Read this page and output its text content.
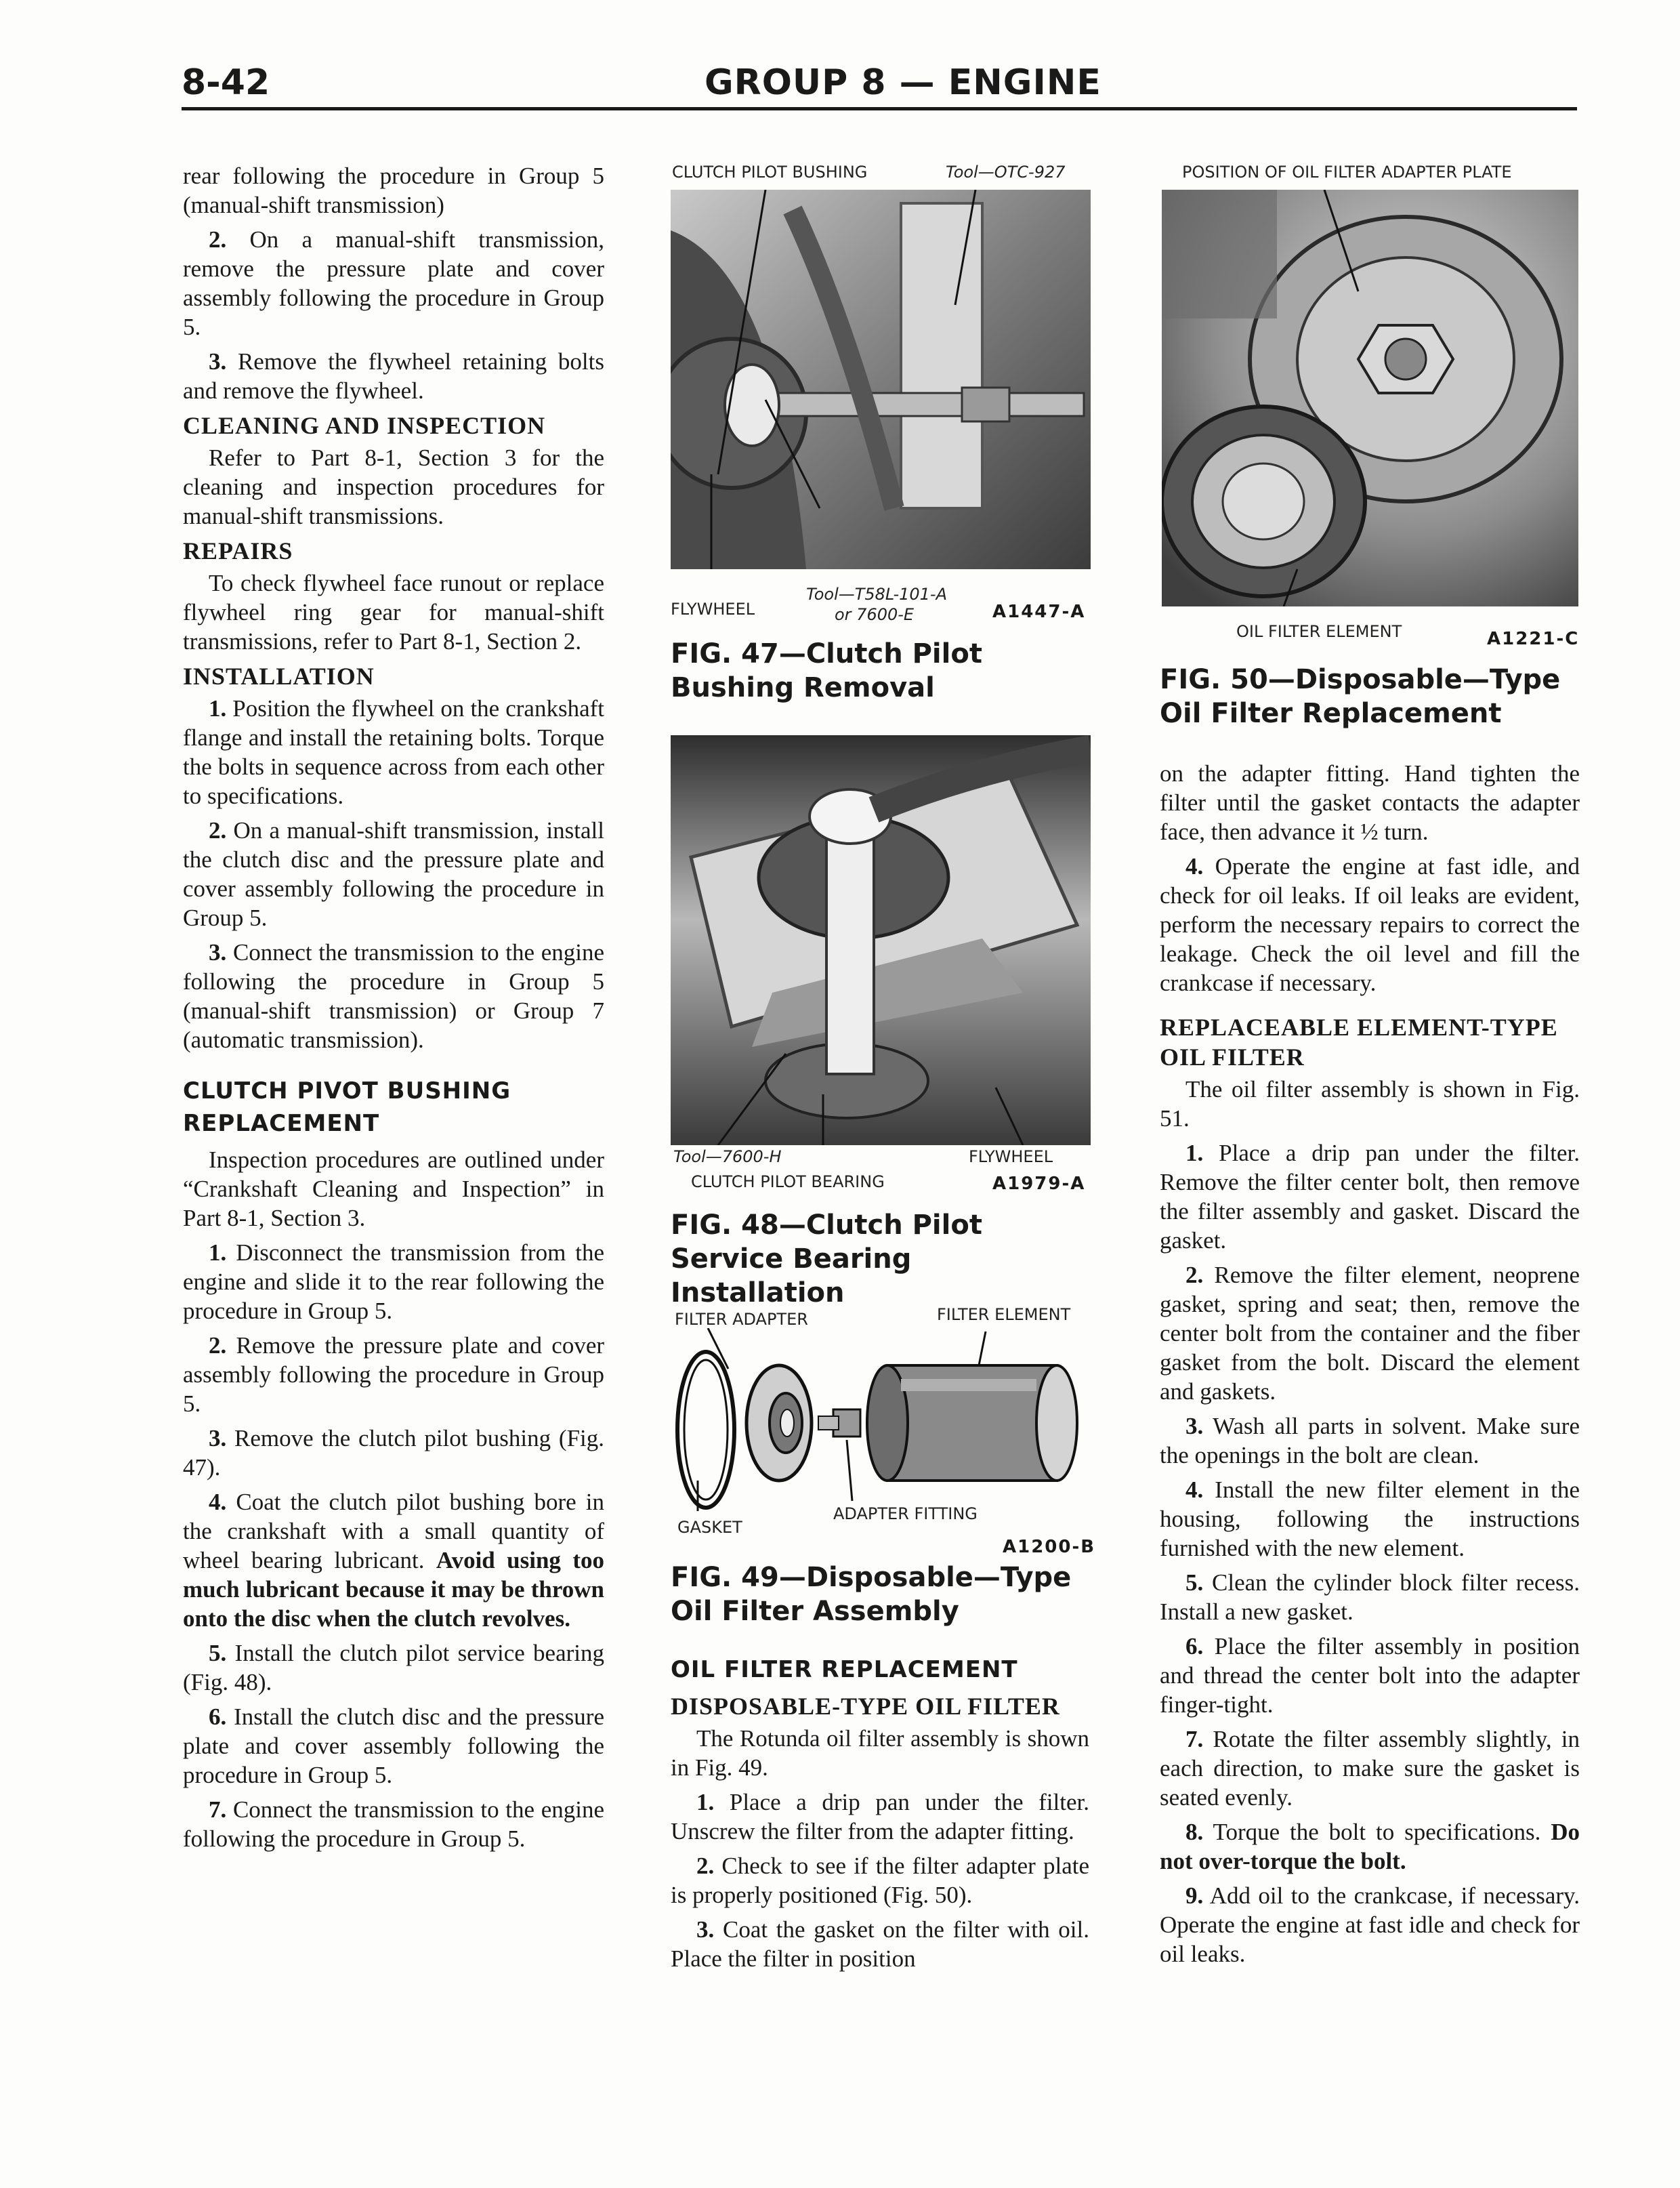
8-42	GROUP 8 — ENGINE

rear following the procedure in Group 5 (manual-shift transmission)

2. On a manual-shift transmission, remove the pressure plate and cover assembly following the procedure in Group 5.

3. Remove the flywheel retaining bolts and remove the flywheel.

CLEANING AND INSPECTION

Refer to Part 8-1, Section 3 for the cleaning and inspection procedures for manual-shift transmissions.

REPAIRS

To check flywheel face runout or replace flywheel ring gear for manual-shift transmissions, refer to Part 8-1, Section 2.

INSTALLATION

1. Position the flywheel on the crankshaft flange and install the retaining bolts. Torque the bolts in sequence across from each other to specifications.

2. On a manual-shift transmission, install the clutch disc and the pressure plate and cover assembly following the procedure in Group 5.

3. Connect the transmission to the engine following the procedure in Group 5 (manual-shift transmission) or Group 7 (automatic transmission).

CLUTCH PIVOT BUSHING REPLACEMENT

Inspection procedures are outlined under “Crankshaft Cleaning and Inspection” in Part 8-1, Section 3.

1. Disconnect the transmission from the engine and slide it to the rear following the procedure in Group 5.

2. Remove the pressure plate and cover assembly following the procedure in Group 5.

3. Remove the clutch pilot bushing (Fig. 47).

4. Coat the clutch pilot bushing bore in the crankshaft with a small quantity of wheel bearing lubricant. Avoid using too much lubricant because it may be thrown onto the disc when the clutch revolves.

5. Install the clutch pilot service bearing (Fig. 48).

6. Install the clutch disc and the pressure plate and cover assembly following the procedure in Group 5.

7. Connect the transmission to the engine following the procedure in Group 5.

CLUTCH PILOT BUSHING	Tool—OTC-927
FLYWHEEL
Tool—T58L-101-A
or 7600-E	A1447-A
FIG. 47—Clutch Pilot Bushing Removal
Tool—7600-H	FLYWHEEL
CLUTCH PILOT BEARING	A1979-A
FIG. 48—Clutch Pilot Service Bearing Installation
FILTER ADAPTER	FILTER ELEMENT
ADAPTER FITTING
GASKET
A1200-B
FIG. 49—Disposable—Type Oil Filter Assembly
OIL FILTER REPLACEMENT
DISPOSABLE-TYPE OIL FILTER

The Rotunda oil filter assembly is shown in Fig. 49.

1. Place a drip pan under the filter. Unscrew the filter from the adapter fitting.

2. Check to see if the filter adapter plate is properly positioned (Fig. 50).

3. Coat the gasket on the filter with oil. Place the filter in position

POSITION OF OIL FILTER ADAPTER PLATE
OIL FILTER ELEMENT	A1221-C
FIG. 50—Disposable—Type Oil Filter Replacement

on the adapter fitting. Hand tighten the filter until the gasket contacts the adapter face, then advance it ½ turn.

4. Operate the engine at fast idle, and check for oil leaks. If oil leaks are evident, perform the necessary repairs to correct the leakage. Check the oil level and fill the crankcase if necessary.

REPLACEABLE ELEMENT-TYPE OIL FILTER

The oil filter assembly is shown in Fig. 51.

1. Place a drip pan under the filter. Remove the filter center bolt, then remove the filter assembly and gasket. Discard the gasket.

2. Remove the filter element, neoprene gasket, spring and seat; then, remove the center bolt from the container and the fiber gasket from the bolt. Discard the element and gaskets.

3. Wash all parts in solvent. Make sure the openings in the bolt are clean.

4. Install the new filter element in the housing, following the instructions furnished with the new element.

5. Clean the cylinder block filter recess. Install a new gasket.

6. Place the filter assembly in position and thread the center bolt into the adapter finger-tight.

7. Rotate the filter assembly slightly, in each direction, to make sure the gasket is seated evenly.

8. Torque the bolt to specifications. Do not over-torque the bolt.

9. Add oil to the crankcase, if necessary. Operate the engine at fast idle and check for oil leaks.
